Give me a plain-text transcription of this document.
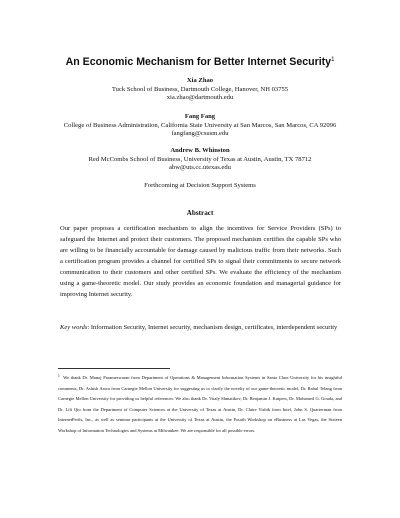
An Economic Mechanism for Better Internet Security$^1$
Xia Zhao
Tuck School of Business, Dartmouth College, Hanover, NH 03755
xia.zhao@dartmouth.edu
Fang Fang
College of Business Administration, California State University at San Marcos, San Marcos, CA 92096
fangfang@csusm.edu
Andrew B. Whinston
Red McCombs School of Business, University of Texas at Austin, Austin, TX 78712
abw@uts.cc.utexas.edu
Forthcoming at Decision Support Systems
Abstract
Our paper proposes a certification mechanism to align the incentives for Service Providers (SPs) to safeguard the Internet and protect their customers. The proposed mechanism certifies the capable SPs who are willing to be financially accountable for damage caused by malicious traffic from their networks. Such a certification program provides a channel for certified SPs to signal their commitments to secure network communication to their customers and other certified SPs. We evaluate the efficiency of the mechanism using a game-theoretic model. Our study provides an economic foundation and managerial guidance for improving Internet security.
Key words: Information Security, Internet security, mechanism design, certificates, interdependent security
$^1$ We thank Dr. Manoj Parameswaran from Department of Operations & Management Information Systems in Santa Clara University for his insightful comments, Dr. Ashish Arora from Carnegie Mellon University for suggesting us to clarify the novelty of our game-theoretic model, Dr. Rahul Telang from Carnegie Mellon University for providing us helpful references. We also thank Dr. Vitaly Shmatikov, Dr. Benjamin J. Kuipers, Dr. Mohamed G. Gouda, and Dr. Lili Qiu from the Department of Computer Sciences at the University of Texas at Austin, Dr. Claire Vishik from Intel, John S. Quarterman from InternetPerils, Inc., as well as seminar participants at the University of Texas at Austin, the Fourth Workshop on eBusiness at Las Vegas, the Sixteen Workshop of Information Technologies and Systems at Milwaukee. We are responsible for all possible errors.
